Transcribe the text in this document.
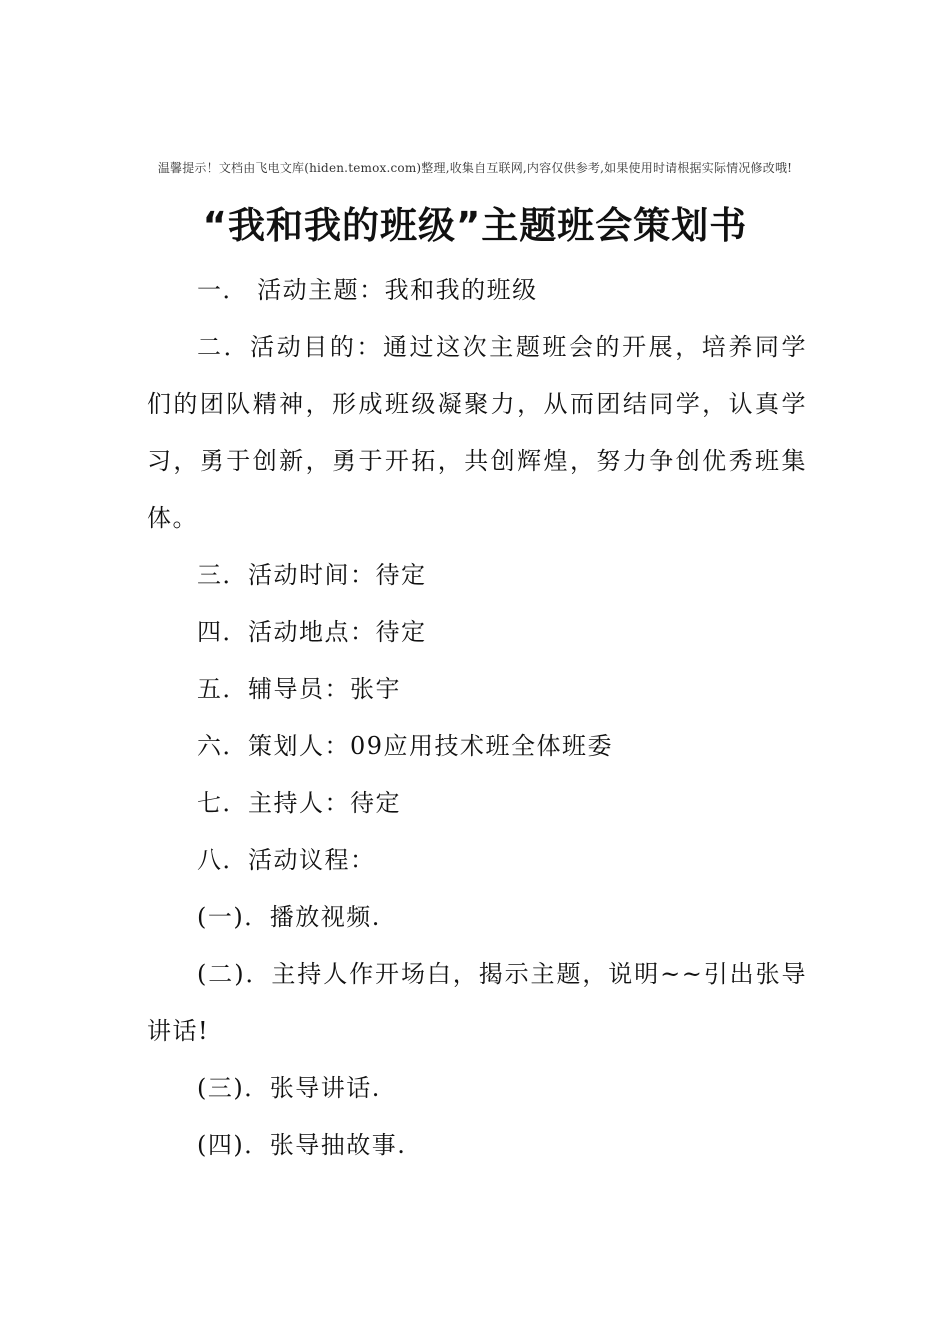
温馨提示！文档由飞电文库(hiden.temox.com)整理,收集自互联网,内容仅供参考,如果使用时请根据实际情况修改哦!
“我和我的班级”主题班会策划书

一． 活动主题：我和我的班级

二．活动目的：通过这次主题班会的开展，培养同学们的团队精神，形成班级凝聚力，从而团结同学，认真学习，勇于创新，勇于开拓，共创辉煌，努力争创优秀班集体。

三．活动时间：待定

四．活动地点：待定

五．辅导员：张宇

六．策划人：09应用技术班全体班委

七．主持人：待定

八．活动议程：

(一)．播放视频.

(二)．主持人作开场白，揭示主题，说明~~引出张导讲话!

(三)．张导讲话.

(四)．张导抽故事.
